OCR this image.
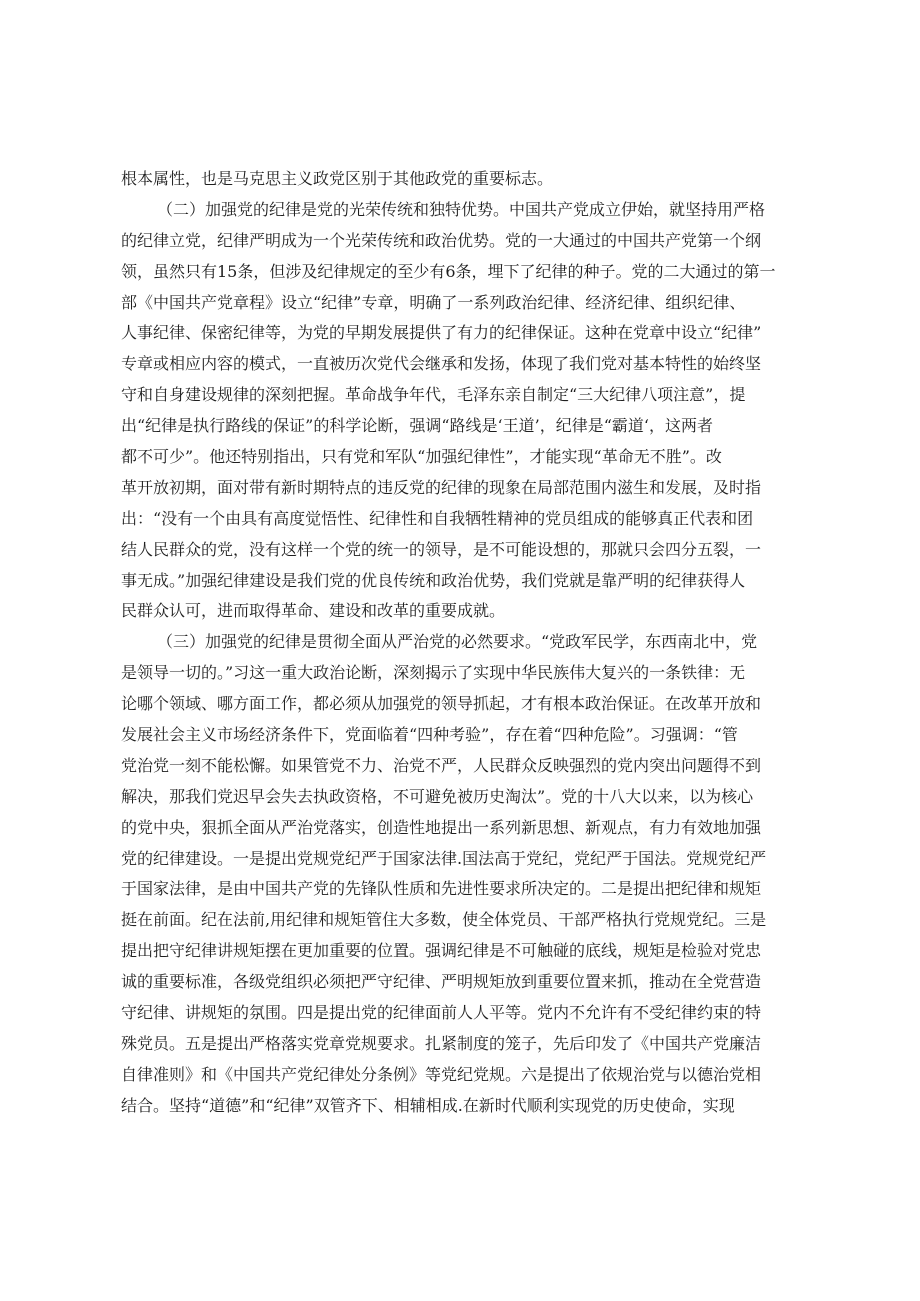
根本属性，也是马克思主义政党区别于其他政党的重要标志。
（二）加强党的纪律是党的光荣传统和独特优势。中国共产党成立伊始，就坚持用严格
的纪律立党，纪律严明成为一个光荣传统和政治优势。党的一大通过的中国共产党第一个纲
领，虽然只有15条，但涉及纪律规定的至少有6条，埋下了纪律的种子。党的二大通过的第一
部《中国共产党章程》设立“纪律”专章，明确了一系列政治纪律、经济纪律、组织纪律、
人事纪律、保密纪律等，为党的早期发展提供了有力的纪律保证。这种在党章中设立“纪律”
专章或相应内容的模式，一直被历次党代会继承和发扬，体现了我们党对基本特性的始终坚
守和自身建设规律的深刻把握。革命战争年代，毛泽东亲自制定“三大纪律八项注意”，提
出“纪律是执行路线的保证”的科学论断，强调“路线是‘王道’，纪律是“霸道‘，这两者
都不可少”。他还特别指出，只有党和军队“加强纪律性”，才能实现“革命无不胜”。改
革开放初期，面对带有新时期特点的违反党的纪律的现象在局部范围内滋生和发展，及时指
出：“没有一个由具有高度觉悟性、纪律性和自我牺牲精神的党员组成的能够真正代表和团
结人民群众的党，没有这样一个党的统一的领导，是不可能设想的，那就只会四分五裂，一
事无成。”加强纪律建设是我们党的优良传统和政治优势，我们党就是靠严明的纪律获得人
民群众认可，进而取得革命、建设和改革的重要成就。
（三）加强党的纪律是贯彻全面从严治党的必然要求。“党政军民学，东西南北中，党
是领导一切的。”习这一重大政治论断，深刻揭示了实现中华民族伟大复兴的一条铁律：无
论哪个领域、哪方面工作，都必须从加强党的领导抓起，才有根本政治保证。在改革开放和
发展社会主义市场经济条件下，党面临着“四种考验”，存在着“四种危险”。习强调：“管
党治党一刻不能松懈。如果管党不力、治党不严，人民群众反映强烈的党内突出问题得不到
解决，那我们党迟早会失去执政资格，不可避免被历史淘汰”。党的十八大以来，以为核心
的党中央，狠抓全面从严治党落实，创造性地提出一系列新思想、新观点，有力有效地加强
党的纪律建设。一是提出党规党纪严于国家法律.国法高于党纪，党纪严于国法。党规党纪严
于国家法律，是由中国共产党的先锋队性质和先进性要求所决定的。二是提出把纪律和规矩
挺在前面。纪在法前,用纪律和规矩管住大多数，使全体党员、干部严格执行党规党纪。三是
提出把守纪律讲规矩摆在更加重要的位置。强调纪律是不可触碰的底线，规矩是检验对党忠
诚的重要标准，各级党组织必须把严守纪律、严明规矩放到重要位置来抓，推动在全党营造
守纪律、讲规矩的氛围。四是提出党的纪律面前人人平等。党内不允许有不受纪律约束的特
殊党员。五是提出严格落实党章党规要求。扎紧制度的笼子，先后印发了《中国共产党廉洁
自律准则》和《中国共产党纪律处分条例》等党纪党规。六是提出了依规治党与以德治党相
结合。坚持“道德”和“纪律”双管齐下、相辅相成.在新时代顺利实现党的历史使命，实现
